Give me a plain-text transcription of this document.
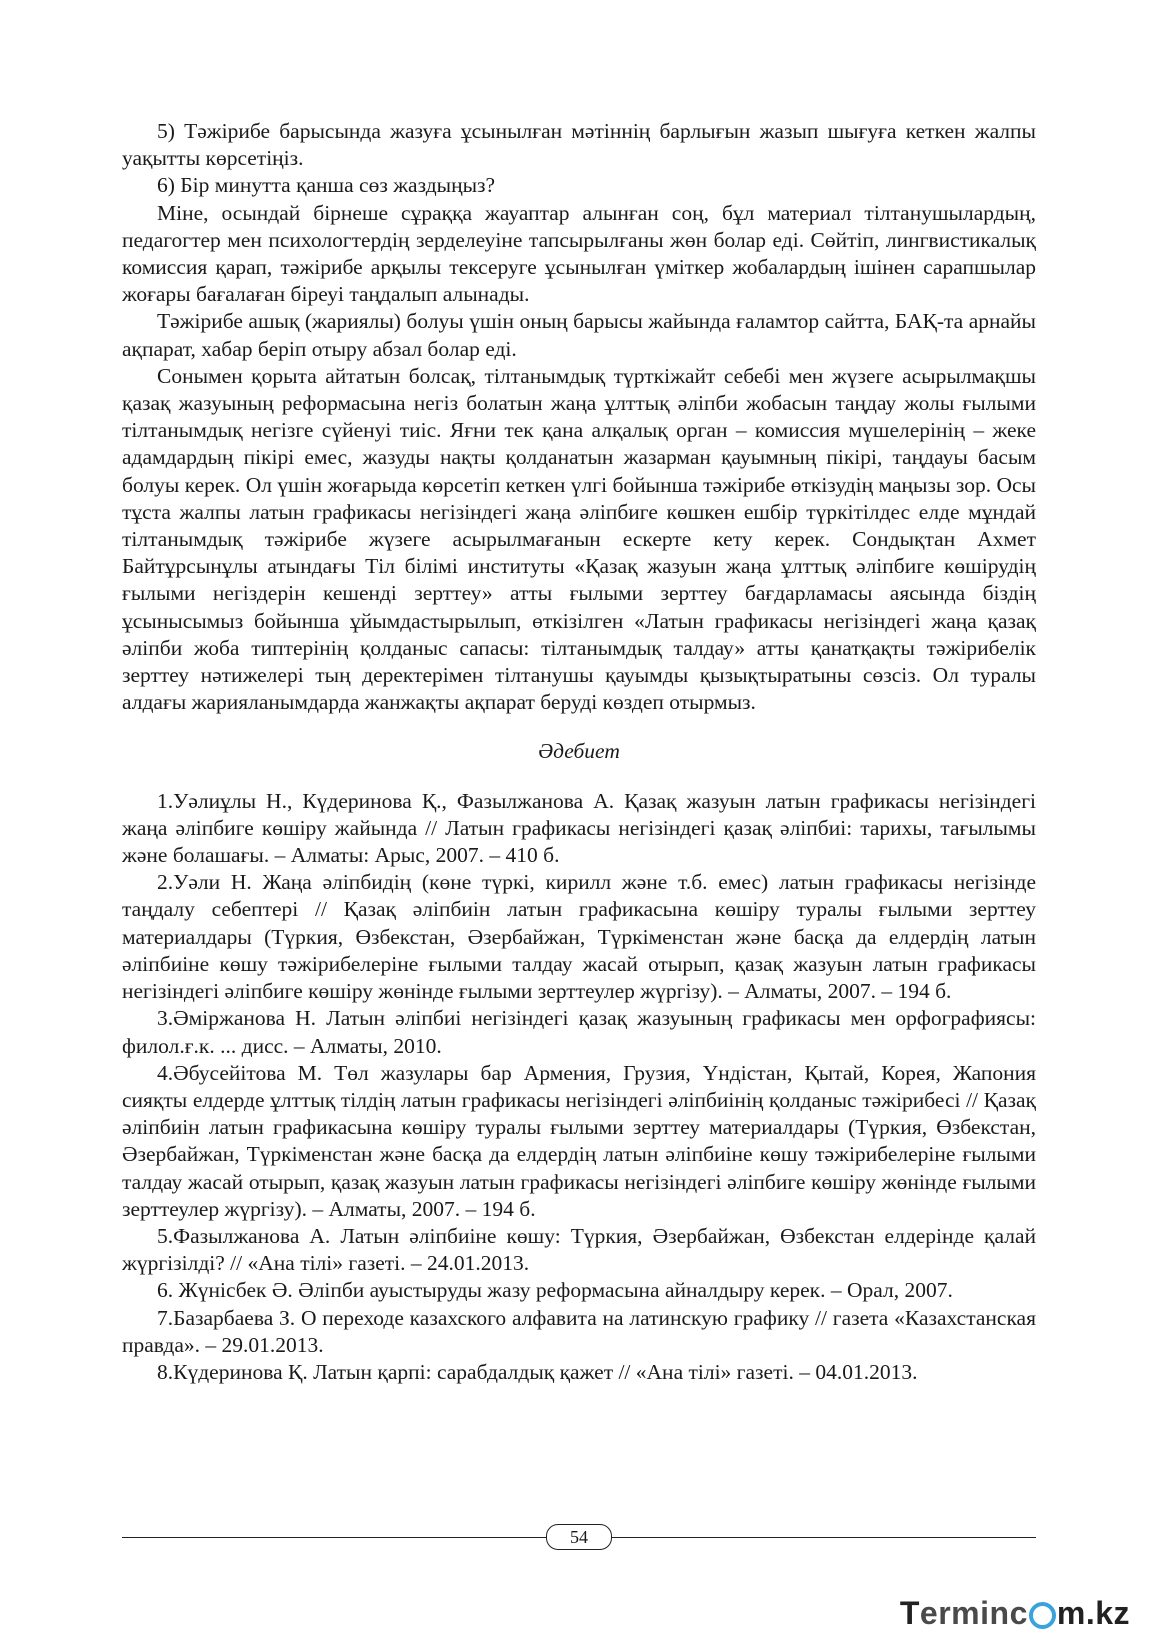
5) Тәжірибе барысында жазуға ұсынылған мәтіннің барлығын жазып шығуға кеткен жалпы уақытты көрсетіңіз.

6) Бір минутта қанша сөз жаздыңыз?

Міне, осындай бірнеше сұраққа жауаптар алынған соң, бұл материал тілтанушылардың, педагогтер мен психологтердің зерделеуіне тапсырылғаны жөн болар еді. Сөйтіп, лингвистикалық комиссия қарап, тәжірибе арқылы тексеруге ұсынылған үміткер жобалардың ішінен сарапшылар жоғары бағалаған біреуі таңдалып алынады.

Тәжірибе ашық (жариялы) болуы үшін оның барысы жайында ғаламтор сайтта, БАҚ-та арнайы ақпарат, хабар беріп отыру абзал болар еді.

Сонымен қорыта айтатын болсақ, тілтанымдық түрткіжайт себебі мен жүзеге асырылмақшы қазақ жазуының реформасына негіз болатын жаңа ұлттық әліпби жобасын таңдау жолы ғылыми тілтанымдық негізге сүйенуі тиіс. Яғни тек қана алқалық орган – комиссия мүшелерінің – жеке адамдардың пікірі емес, жазуды нақты қолданатын жазарман қауымның пікірі, таңдауы басым болуы керек. Ол үшін жоғарыда көрсетіп кеткен үлгі бойынша тәжірибе өткізудің маңызы зор. Осы тұста жалпы латын графикасы негізіндегі жаңа әліпбиге көшкен ешбір түркітілдес елде мұндай тілтанымдық тәжірибе жүзеге асырылмағанын ескерте кету керек. Сондықтан Ахмет Байтұрсынұлы атындағы Тіл білімі институты «Қазақ жазуын жаңа ұлттық әліпбиге көшірудің ғылыми негіздерін кешенді зерттеу» атты ғылыми зерттеу бағдарламасы аясында біздің ұсынысымыз бойынша ұйымдастырылып, өткізілген «Латын графикасы негізіндегі жаңа қазақ әліпби жоба типтерінің қолданыс сапасы: тілтанымдық талдау» атты қанатқақты тәжірибелік зерттеу нәтижелері тың деректерімен тілтанушы қауымды қызықтыратыны сөзсіз. Ол туралы алдағы жарияланымдарда жанжақты ақпарат беруді көздеп отырмыз.

Әдебиет

1.Уәлиұлы Н., Күдеринова Қ., Фазылжанова А. Қазақ жазуын латын графикасы негізіндегі жаңа әліпбиге көшіру жайында // Латын графикасы негізіндегі қазақ әліпбиі: тарихы, тағылымы және болашағы. – Алматы: Арыс, 2007. – 410 б.

2.Уәли Н. Жаңа әліпбидің (көне түркі, кирилл және т.б. емес) латын графикасы негізінде таңдалу себептері // Қазақ әліпбиін латын графикасына көшіру туралы ғылыми зерттеу материалдары (Түркия, Өзбекстан, Әзербайжан, Түркіменстан және басқа да елдердің латын әліпбиіне көшу тәжірибелеріне ғылыми талдау жасай отырып, қазақ жазуын латын графикасы негізіндегі әліпбиге көшіру жөнінде ғылыми зерттеулер жүргізу). – Алматы, 2007. – 194 б.

3.Әміржанова Н. Латын әліпбиі негізіндегі қазақ жазуының графикасы мен орфографиясы: филол.ғ.к. ... дисс. – Алматы, 2010.

4.Әбусейітова М. Төл жазулары бар Армения, Грузия, Үндістан, Қытай, Корея, Жапония сияқты елдерде ұлттық тілдің латын графикасы негізіндегі әліпбиінің қолданыс тәжірибесі // Қазақ әліпбиін латын графикасына көшіру туралы ғылыми зерттеу материалдары (Түркия, Өзбекстан, Әзербайжан, Түркіменстан және басқа да елдердің латын әліпбиіне көшу тәжірибелеріне ғылыми талдау жасай отырып, қазақ жазуын латын графикасы негізіндегі әліпбиге көшіру жөнінде ғылыми зерттеулер жүргізу). – Алматы, 2007. – 194 б.

5.Фазылжанова А. Латын әліпбиіне көшу: Түркия, Әзербайжан, Өзбекстан елдерінде қалай жүргізілді? // «Ана тілі» газеті. – 24.01.2013.

6. Жүнісбек Ә. Әліпби ауыстыруды жазу реформасына айналдыру керек. – Орал, 2007.

7.Базарбаева З. О переходе казахского алфавита на латинскую графику // газета «Казахстанская правда». – 29.01.2013.

8.Күдеринова Қ. Латын қарпі: сарабдалдық қажет // «Ана тілі» газеті. – 04.01.2013.

54
T erminc m.kz
